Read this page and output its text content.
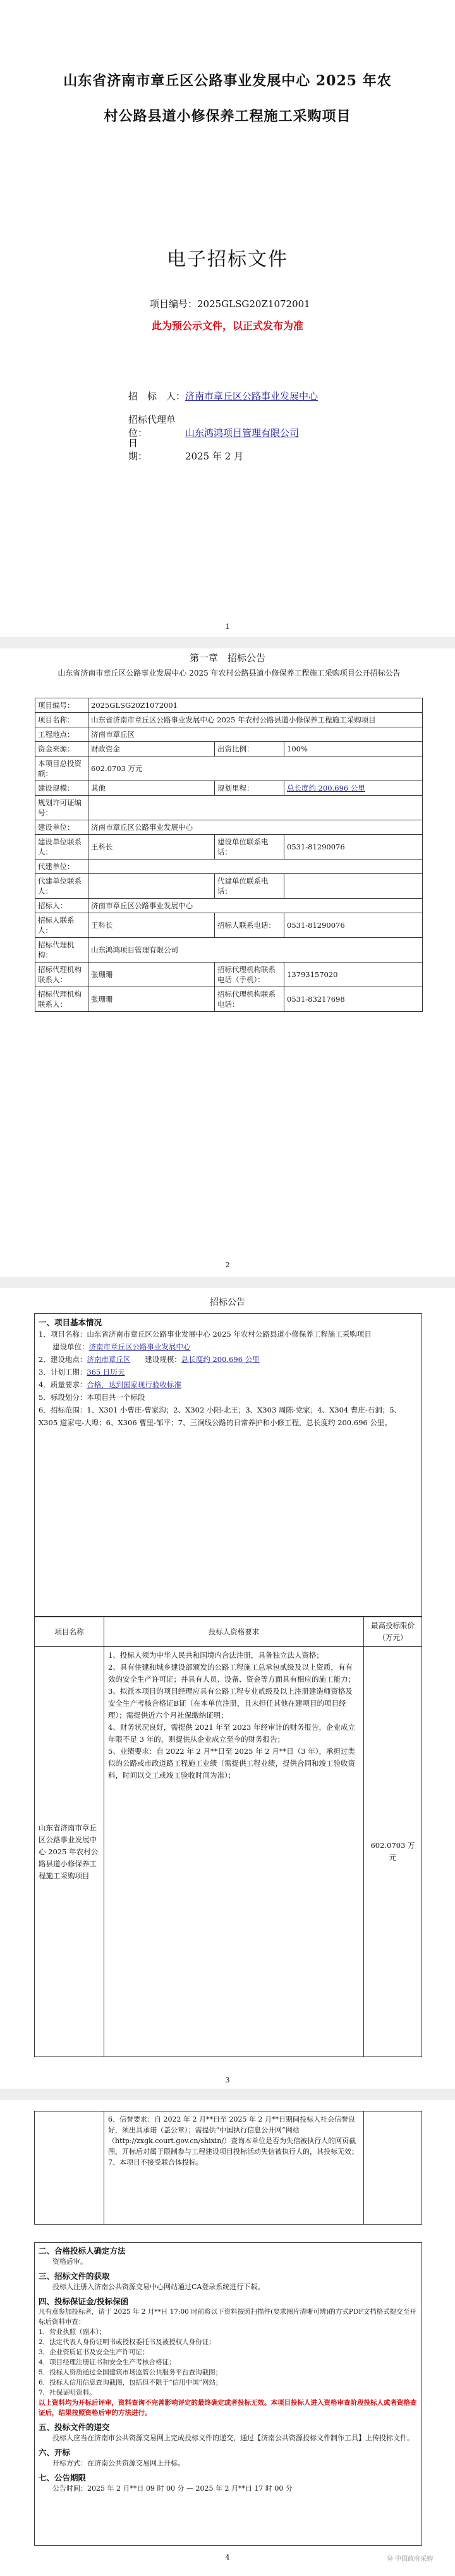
山东省济南市章丘区公路事业发展中心 2025 年农
村公路县道小修保养工程施工采购项目
电子招标文件
项目编号：2025GLSG20Z1072001
此为预公示文件，以正式发布为准
招　标　人：济南市章丘区公路事业发展中心
招标代理单位：	山东鸿鸿项目管理有限公司
日　　　　期：	2025 年 2 月
1
第一章　招标公告
山东省济南市章丘区公路事业发展中心 2025 年农村公路县道小修保养工程施工采购项目公开招标公告
项目编号：	2025GLSG20Z1072001		
项目名称：	山东省济南市章丘区公路事业发展中心 2025 年农村公路县道小修保养工程施工采购项目		
工程地点：	济南市章丘区		
资金来源：	财政资金	出资比例：	100%
本项目总投资额：	602.0703 万元		
建设规模：	其他	规划里程：	总长度约 200.696 公里
规划许可证编号：			
建设单位：	济南市章丘区公路事业发展中心		
建设单位联系人：	王科长	建设单位联系电话：	0531-81290076
代建单位：			
代建单位联系人：		代建单位联系电话：	
招标人：	济南市章丘区公路事业发展中心		
招标人联系人：	王科长	招标人联系电话：	0531-81290076
招标代理机构：	山东鸿鸿项目管理有限公司		
招标代理机构联系人：	张珊珊	招标代理机构联系电话（手机）：	13793157020
招标代理机构联系人：	张珊珊	招标代理机构联系电话：	0531-83217698
2
招标公告
一、项目基本情况
1．项目名称：山东省济南市章丘区公路事业发展中心 2025 年农村公路县道小修保养工程施工采购项目
建设单位：济南市章丘区公路事业发展中心
2．建设地点：济南市章丘区　　 建设规模：总长度约 200.696 公里
3．计划工期：365 日历天
4．质量要求：合格，达到国家现行验收标准
5．标段划分：本项目共一个标段
6．招标范围：1、X301 小曹庄-曹家沟；2、X302 小阳-北王；3、X303 周陈-党家；4、X304 曹庄-石洞；5、X305 道家屯-大埠；6、X306 曹里-邹平；7、三涧线公路的日常养护和小修工程，总长度约 200.696 公里。
项目名称	投标人资格要求	最高投标限价（万元）
山东省济南市章丘区公路事业发展中心 2025 年农村公路县道小修保养工程施工采购项目	1、投标人须为中华人民共和国境内合法注册，具备独立法人资格；
2、具有住建和城乡建设部颁发的公路工程施工总承包贰级及以上资质，有有效的安全生产许可证；并具有人员、设备、资金等方面具有相应的施工能力；
3、拟派本项目的项目经理应具有公路工程专业贰级及以上注册建造师资格及安全生产考核合格证B证（在本单位注册，且未担任其他在建项目的项目经理）；需提供近六个月社保缴纳证明；
4、财务状况良好，需提供 2021 年至 2023 年经审计的财务报告，企业成立年限不足 3 年的，则提供从企业成立至今的财务报告；
5、业绩要求：自 2022 年 2 月**日至 2025 年 2 月**日（3 年），承担过类似的公路或市政道路工程施工业绩（需提供工程业绩，提供合同和竣工验收资料，时间以交工或竣工验收时间为准）；	602.0703 万元
3

6、信誉要求：自 2022 年 2 月**日至 2025 年 2 月**日期间投标人社会信誉良好，须出具承诺（盖公章）；需提供“中国执行信息公开网”网站（http://zxgk.court.gov.cn/shixin/）查询本单位是否为失信被执行人的网页截图，开标后对属于限制参与工程建设项目投标活动失信被执行人的，其投标无效；
7、本项目不接受联合体投标。

二、合格投标人确定方法
资格后审。
三、招标文件的获取
投标人注册入济南公共资源交易中心网站通过CA登录系统进行下载。
四、投标保证金/投标保函
凡有意参加投标者，请于 2025 年 2 月**日 17:00 时前将以下资料按照扫描件(要求图片清晰可辨)的方式PDF文档格式提交至开标后资料审查：
1．营业执照（副本）；
2．法定代表人身份证明书或授权委托书及被授权人身份证；
3．企业资质证书及安全生产许可证；
4．项目经理注册证书和安全生产考核合格证；
5．投标人资质通过全国建筑市场监管公共服务平台查询截图；
6．投标人信用信息查询截图，包括但不限于“信用中国”网站；
7．社保证明资料。
以上资料均为开标后评审，资料查询不完善影响评定的最终确定或者投标无效。本项目投标人进入资格审查阶段投标人或者资格查证后，结果按照资格后审的方法进行。
五、投标文件的递交
投标人应当在济南市公共资源交易网上完成投标文件的递交，通过【济南公共资源投标文件制作工具】上传投标文件。
六、开标
开标方式：在济南公共资源交易网上开标。
七、公告期限
公告时间：2025 年 2 月**日 09 时 00 分 — 2025 年 2 月**日 17 时 00 分
4	Ⓜ 中国政府采购
